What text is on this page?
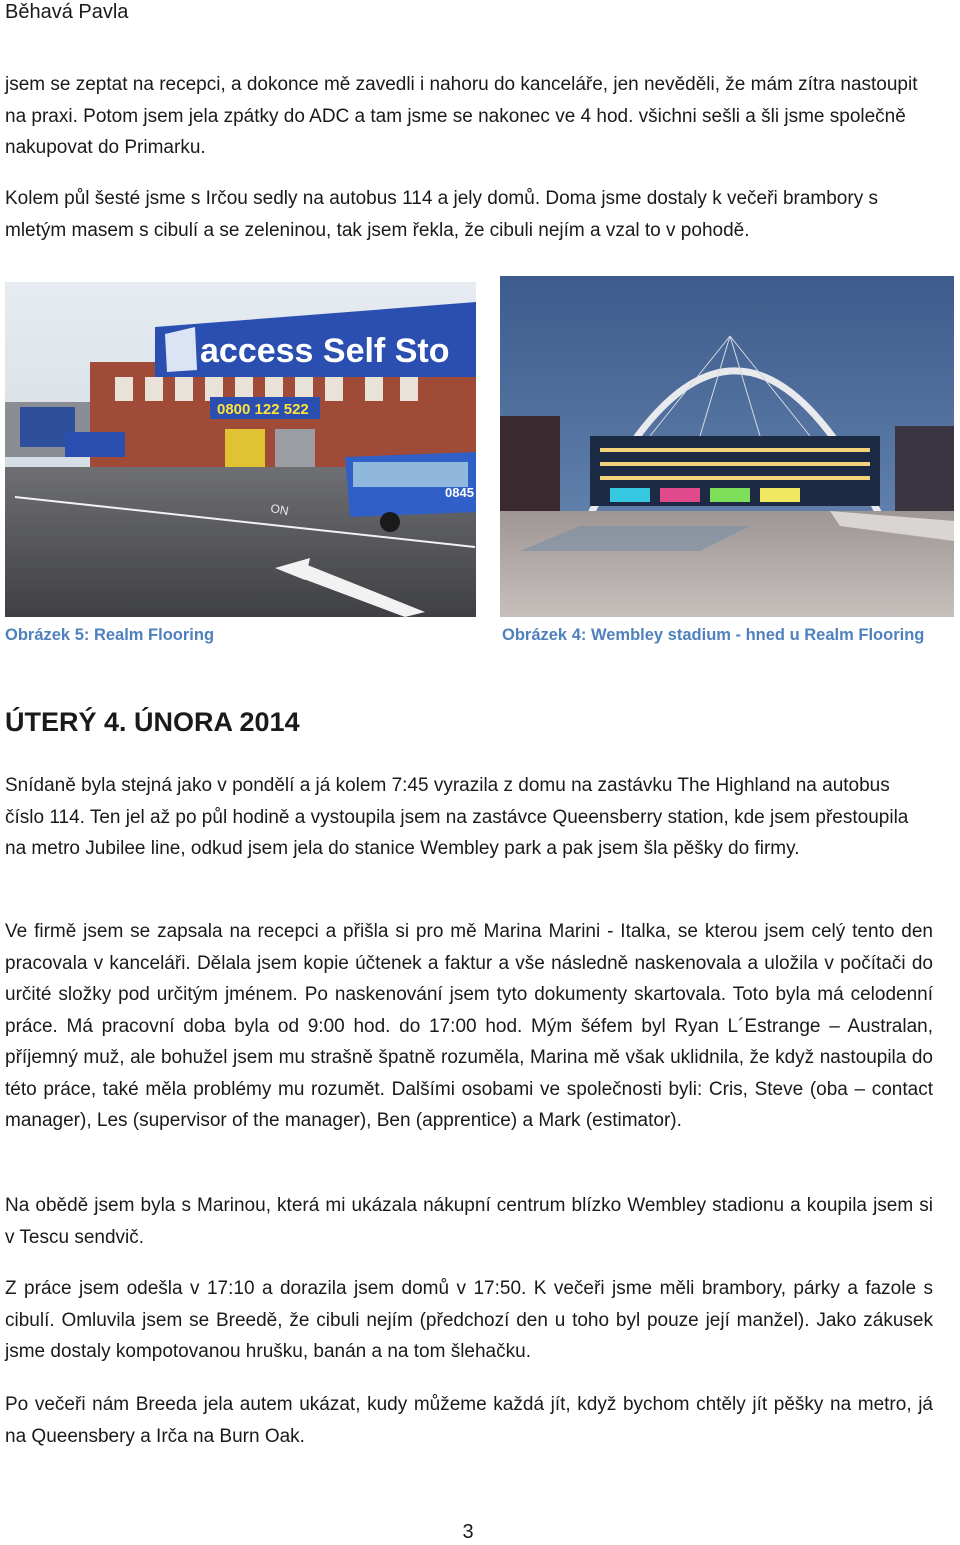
Běhavá Pavla

jsem se zeptat na recepci, a dokonce mě zavedli i nahoru do kanceláře, jen nevěděli, že mám zítra nastoupit na praxi. Potom jsem jela zpátky do ADC a tam jsme se nakonec ve 4 hod. všichni sešli a šli jsme společně nakupovat do Primarku.

Kolem půl šesté jsme s Irčou sedly na autobus 114 a jely domů. Doma jsme dostaly k večeři brambory s mletým masem s cibulí a se zeleninou, tak jsem řekla, že cibuli nejím a vzal to v pohodě.

access Self Sto
0800 122 522
0845
ON
Obrázek 5: Realm Flooring	Obrázek 4: Wembley stadium - hned u Realm Flooring
ÚTERÝ 4. ÚNORA 2014

Snídaně byla stejná jako v pondělí a já kolem 7:45 vyrazila z domu na zastávku The Highland na autobus číslo 114. Ten jel až po půl hodině a vystoupila jsem na zastávce Queensberry station, kde jsem přestoupila na metro Jubilee line, odkud jsem jela do stanice Wembley park a pak jsem šla pěšky do firmy.

Ve firmě jsem se zapsala na recepci a přišla si pro mě Marina Marini - Italka, se kterou jsem celý tento den pracovala v kanceláři. Dělala jsem kopie účtenek a faktur a vše následně naskenovala a uložila v počítači do určité složky pod určitým jménem. Po naskenování jsem tyto dokumenty skartovala. Toto byla má celodenní práce. Má pracovní doba byla od 9:00 hod. do 17:00 hod. Mým šéfem byl Ryan L´Estrange – Australan, příjemný muž, ale bohužel jsem mu strašně špatně rozuměla, Marina mě však uklidnila, že když nastoupila do této práce, také měla problémy mu rozumět. Dalšími osobami ve společnosti byli: Cris, Steve (oba – contact manager), Les (supervisor of the manager), Ben (apprentice) a Mark (estimator).

Na obědě jsem byla s Marinou, která mi ukázala nákupní centrum blízko Wembley stadionu a koupila jsem si v Tescu sendvič.

Z práce jsem odešla v 17:10 a dorazila jsem domů v 17:50. K večeři jsme měli brambory, párky a fazole s cibulí. Omluvila jsem se Breedě, že cibuli nejím (předchozí den u toho byl pouze její manžel). Jako zákusek jsme dostaly kompotovanou hrušku, banán a na tom šlehačku.

Po večeři nám Breeda jela autem ukázat, kudy můžeme každá jít, když bychom chtěly jít pěšky na metro, já na Queensbery a Irča na Burn Oak.

3
